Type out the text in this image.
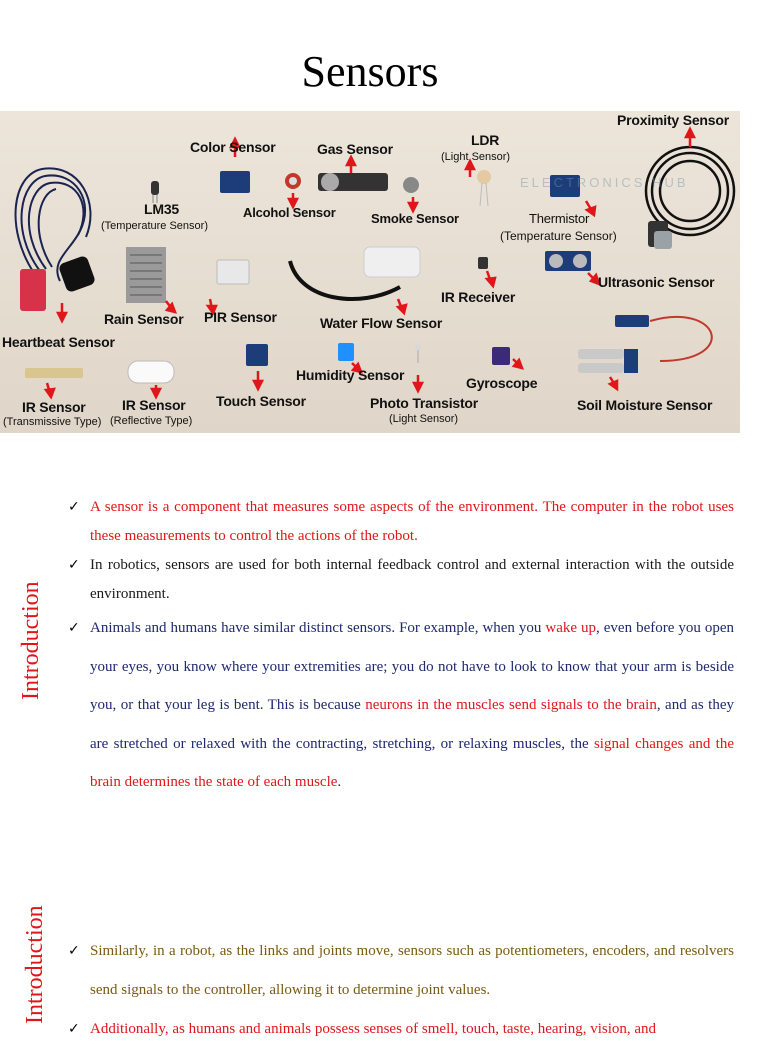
Sensors
ELECTRONICS HUB
Color Sensor	Gas Sensor
LDR
(Light Sensor)
Proximity Sensor
LM35
(Temperature Sensor)
Alcohol Sensor	Smoke Sensor	Thermistor
(Temperature Sensor)
Ultrasonic Sensor
IR Receiver
Rain Sensor PIR Sensor	Water Flow Sensor
Heartbeat Sensor
Humidity Sensor	Gyroscope
Soil Moisture Sensor
IR Sensor
(Transmissive Type)
IR Sensor
(Reflective Type)
Touch Sensor	Photo Transistor
(Light Sensor)
Introduction
Introduction
✓ A sensor is a component that measures some aspects of the environment. The computer in the robot uses these measurements to control the actions of the robot.
✓ In robotics, sensors are used for both internal feedback control and external interaction with the outside environment.
✓ Animals and humans have similar distinct sensors. For example, when you wake up, even before you open your eyes, you know where your extremities are; you do not have to look to know that your arm is beside you, or that your leg is bent. This is because neurons in the muscles send signals to the brain, and as they are stretched or relaxed with the contracting, stretching, or relaxing muscles, the signal changes and the brain determines the state of each muscle.
✓ Similarly, in a robot, as the links and joints move, sensors such as potentiometers, encoders, and resolvers send signals to the controller, allowing it to determine joint values.
✓ Additionally, as humans and animals possess senses of smell, touch, taste, hearing, vision, and
